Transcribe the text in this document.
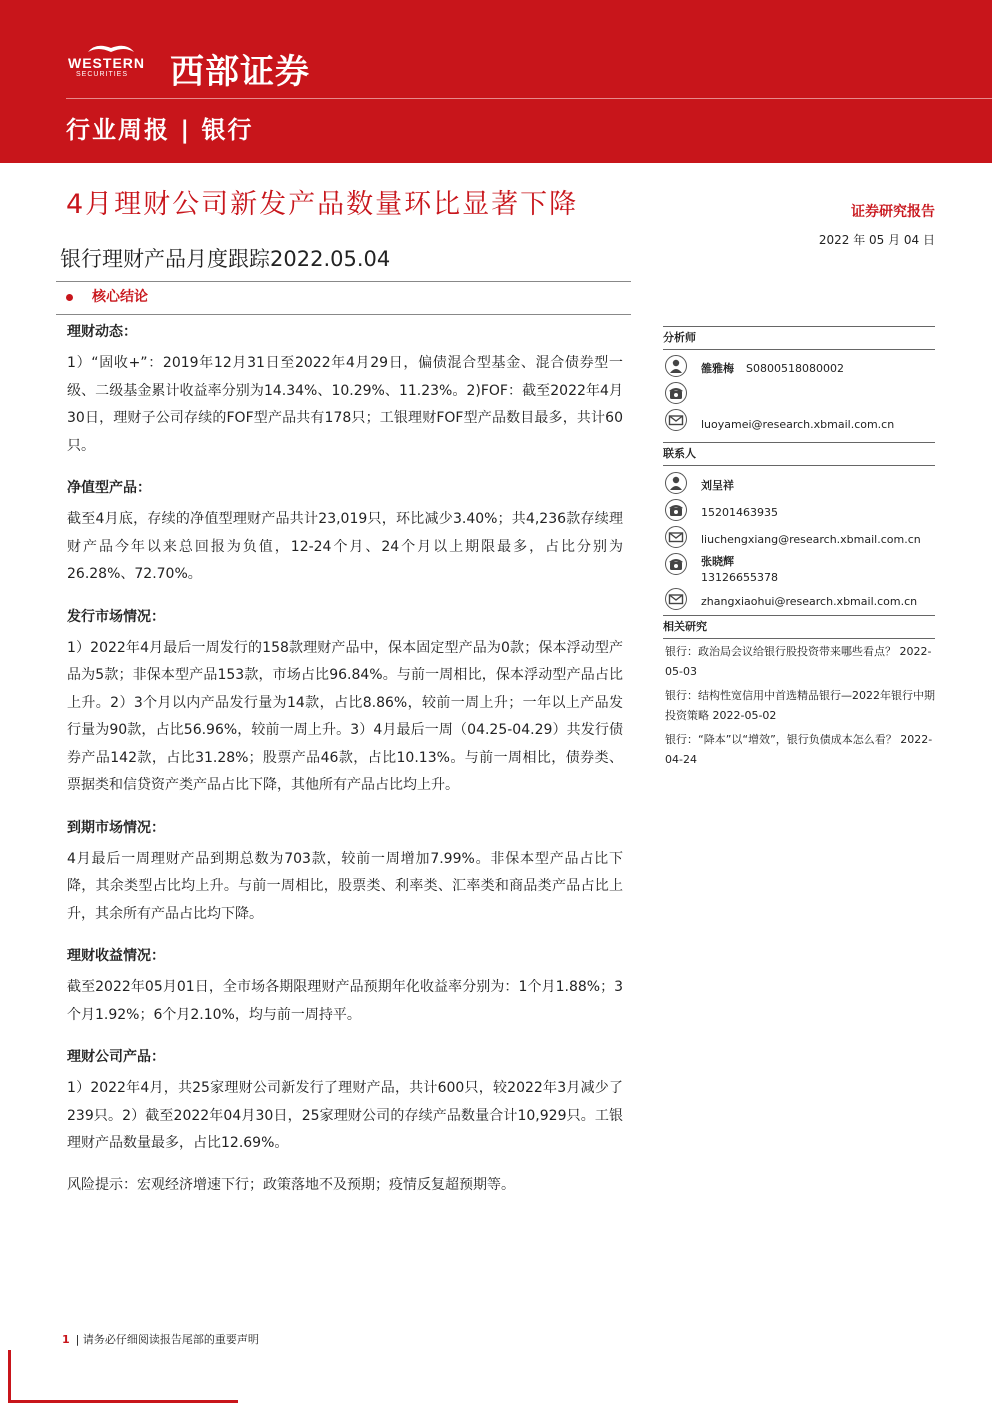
WESTERN
SECURITIES 西部证券
行业周报 | 银行
4月理财公司新发产品数量环比显著下降
银行理财产品月度跟踪2022.05.04
证券研究报告
2022 年 05 月 04 日
核心结论
理财动态：

1）“固收+”：2019年12月31日至2022年4月29日，偏债混合型基金、混合债券型一级、二级基金累计收益率分别为14.34%、10.29%、11.23%。2)FOF：截至2022年4月30日，理财子公司存续的FOF型产品共有178只；工银理财FOF型产品数目最多，共计60只。

净值型产品：

截至4月底，存续的净值型理财产品共计23,019只，环比减少3.40%；共4,236款存续理财产品今年以来总回报为负值，12-24个月、24个月以上期限最多，占比分别为26.28%、72.70%。

发行市场情况：

1）2022年4月最后一周发行的158款理财产品中，保本固定型产品为0款；保本浮动型产品为5款；非保本型产品153款，市场占比96.84%。与前一周相比，保本浮动型产品占比上升。2）3个月以内产品发行量为14款，占比8.86%，较前一周上升；一年以上产品发行量为90款，占比56.96%，较前一周上升。3）4月最后一周（04.25-04.29）共发行债券产品142款，占比31.28%；股票产品46款，占比10.13%。与前一周相比，债券类、票据类和信贷资产类产品占比下降，其他所有产品占比均上升。

到期市场情况：

4月最后一周理财产品到期总数为703款，较前一周增加7.99%。非保本型产品占比下降，其余类型占比均上升。与前一周相比，股票类、利率类、汇率类和商品类产品占比上升，其余所有产品占比均下降。

理财收益情况：

截至2022年05月01日，全市场各期限理财产品预期年化收益率分别为：1个月1.88%；3个月1.92%；6个月2.10%，均与前一周持平。

理财公司产品：

1）2022年4月，共25家理财公司新发行了理财产品，共计600只，较2022年3月减少了239只。2）截至2022年04月30日，25家理财公司的存续产品数量合计10,929只。工银理财产品数量最多，占比12.69%。

风险提示：宏观经济增速下行；政策落地不及预期；疫情反复超预期等。

分析师
雒雅梅 S0800518080002
luoyamei@research.xbmail.com.cn
联系人
刘呈祥
15201463935
liuchengxiang@research.xbmail.com.cn
张晓辉
13126655378
zhangxiaohui@research.xbmail.com.cn
相关研究
银行：政治局会议给银行股投资带来哪些看点？ 2022-05-03
银行：结构性宽信用中首选精品银行—2022年银行中期投资策略 2022-05-02
银行：“降本”以“增效”，银行负债成本怎么看？ 2022-04-24
1 | 请务必仔细阅读报告尾部的重要声明
